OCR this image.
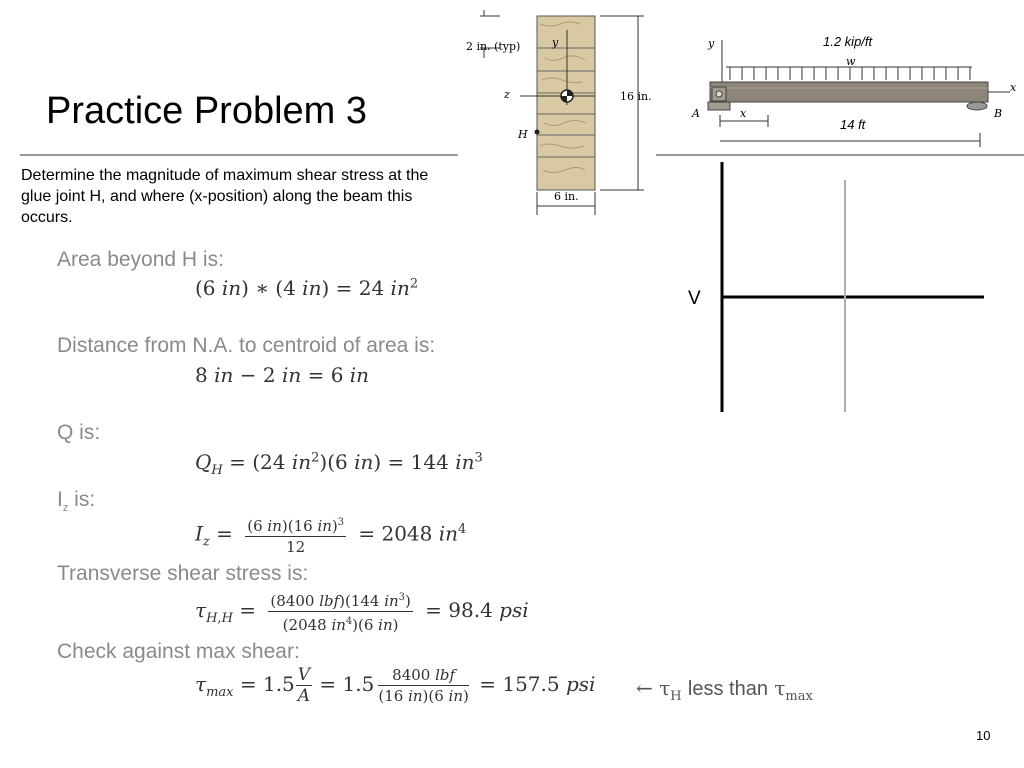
Practice Problem 3
Determine the magnitude of maximum shear stress at the glue joint H, and where (x-position) along the beam this occurs.
2 in. (typ)
16 in.
6 in.
y
z
H
1.2 kip/ft
w
y
x
x
A	B
14 ft
V
Area beyond H is:
(6 in) ∗ (4 in) = 24 $in^2$
Distance from N.A. to centroid of area is:
8 in − 2 in = 6 in
Q is:
$Q_H = (24$ $in^2)(6$ in) = 144 $in^3$
$I_z$ is:
$I_z = \frac{(6 in)(16 in)^3}{12} = 2048$ $in^4$
Transverse shear stress is:
$\tau_{H,H} = \frac{(8400 lbf)(144 in^3)}{(2048 in^4)(6 in)} = 98.4$ psi
Check against max shear:
$\tau_{max} = 1.5 \frac{V}{A} = 1.5 \frac{\text{8400 lbf}}{(16 in)(6 in)} = 157.5$ psi ← $\tau_H$ less than $\tau_{max}$
10
